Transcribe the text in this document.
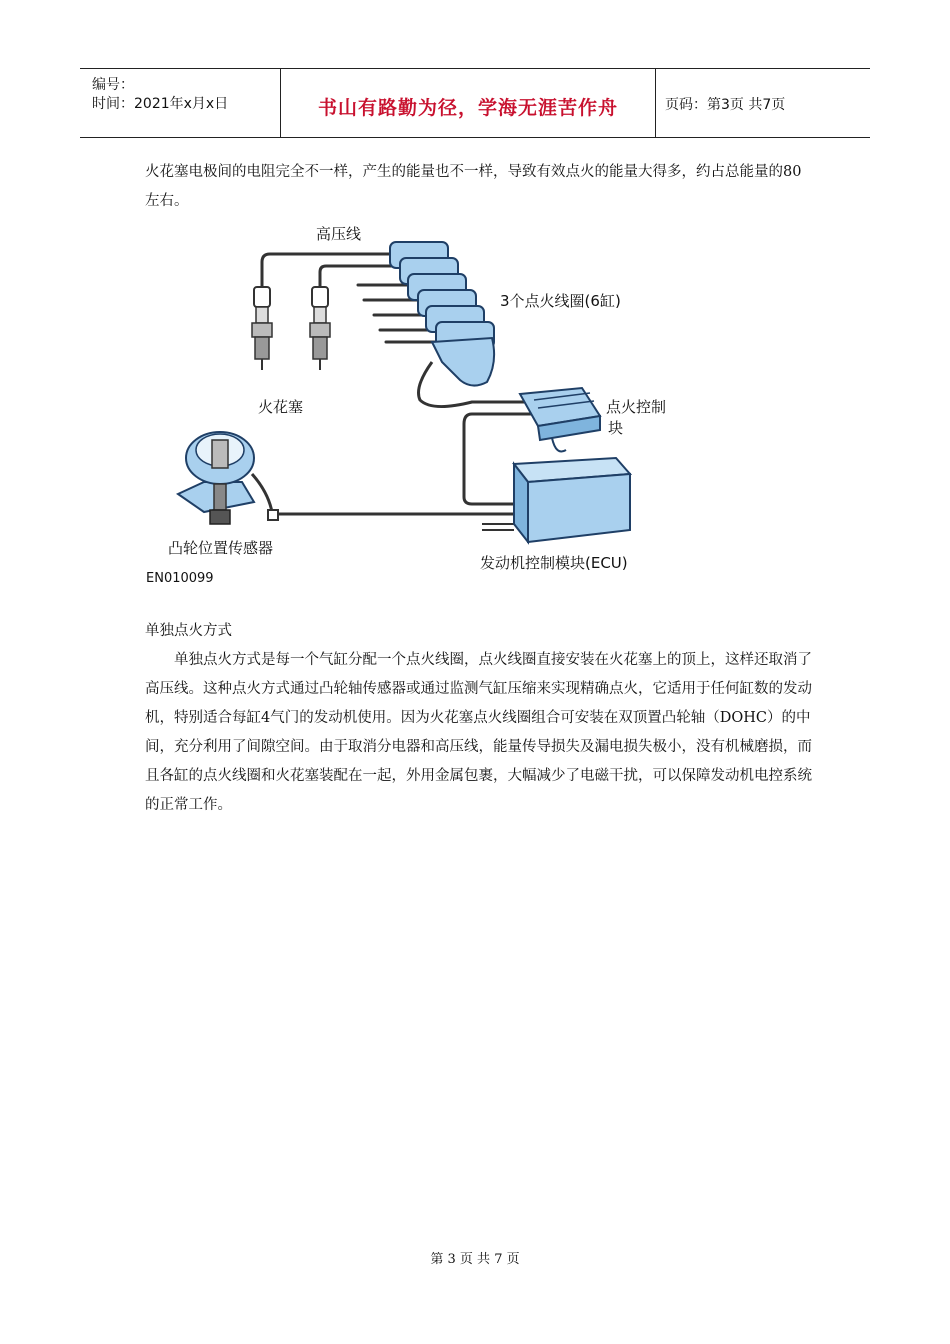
编号：
时间：2021年x月x日	书山有路勤为径，学海无涯苦作舟	页码：第3页 共7页
火花塞电极间的电阻完全不一样，产生的能量也不一样，导致有效点火的能量大得多，约占总能量的80左右。
高压线
3个点火线圈(6缸)
火花塞	点火控制
块
凸轮位置传感器
发动机控制模块(ECU)
EN010099
单独点火方式
单独点火方式是每一个气缸分配一个点火线圈，点火线圈直接安装在火花塞上的顶上，这样还取消了高压线。这种点火方式通过凸轮轴传感器或通过监测气缸压缩来实现精确点火，它适用于任何缸数的发动机，特别适合每缸4气门的发动机使用。因为火花塞点火线圈组合可安装在双顶置凸轮轴（DOHC）的中间，充分利用了间隙空间。由于取消分电器和高压线，能量传导损失及漏电损失极小，没有机械磨损，而且各缸的点火线圈和火花塞装配在一起，外用金属包裹，大幅减少了电磁干扰，可以保障发动机电控系统的正常工作。
第 3 页 共 7 页
